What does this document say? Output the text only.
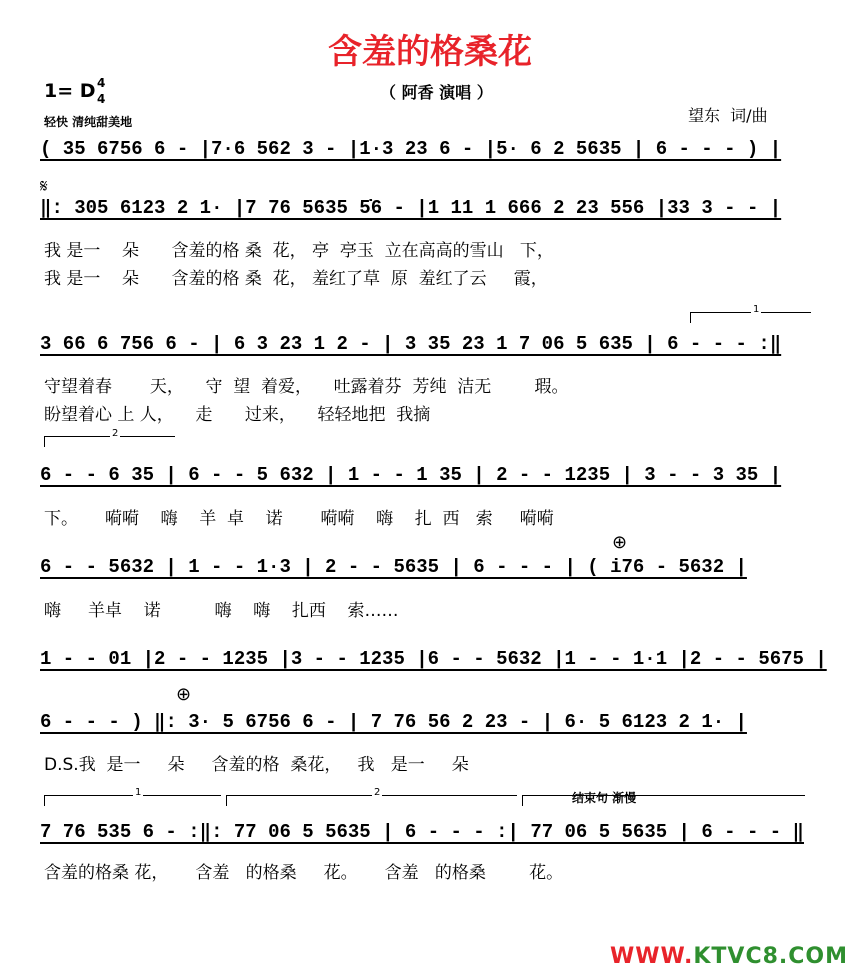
含羞的格桑花
（ 阿香 演唱 ）
1= D 4
4
轻快 清纯甜美地	望东  词/曲
( 35 6756 6 - |7·6 562 3 - |1·3 23 6 - |5· 6 2 5635 | 6 - - - ) |
𝄋
‖: 305 6123 2 1· |7 76 5635 5̇6 - |1 11 1 666 2 23 556 |33 3 - - |
我 是一    朵      含羞的格 桑  花， 亭  亭玉  立在高高的雪山   下，
我 是一    朵      含羞的格 桑  花， 羞红了草  原  羞红了云     霞，
1
3 66 6 756 6 - | 6 3 23 1 2 - | 3 35 23 1 7 06 5 635 | 6 - - - :‖
守望着春       天，    守  望  着爱，    吐露着芬  芳纯  洁无        瑕。
盼望着心 上 人，    走      过来，    轻轻地把  我摘
2
6 - - 6 35 | 6 - - 5 632 | 1 - - 1 35 | 2 - - 1235 | 3 - - 3 35 |
下。     嗬嗬    嗨    羊  卓    诺       嗬嗬    嗨    扎  西   索     嗬嗬
⊕
6 - - 5632 | 1 - - 1·3 | 2 - - 5635 | 6 - - - | ( i76 - 5632 |
嗨     羊卓    诺          嗨    嗨    扎西    索……
1 - - 01 |2 - - 1235 |3 - - 1235 |6 - - 5632 |1 - - 1·1 |2 - - 5675 |
⊕
6 - - - ) ‖: 3· 5 6756 6 - | 7 76 56 2 23 - | 6· 5 6123 2 1· |
D.S.我  是一     朵     含羞的格  桑花，   我   是一     朵
1	2	结束句 渐慢
7 76 535 6 - :‖: 77 06 5 5635 | 6 - - - :| 77 06 5 5635 | 6 - - - ‖
含羞的格桑 花，     含羞   的格桑     花。     含羞   的格桑        花。
WWW.KTVC8.COM
